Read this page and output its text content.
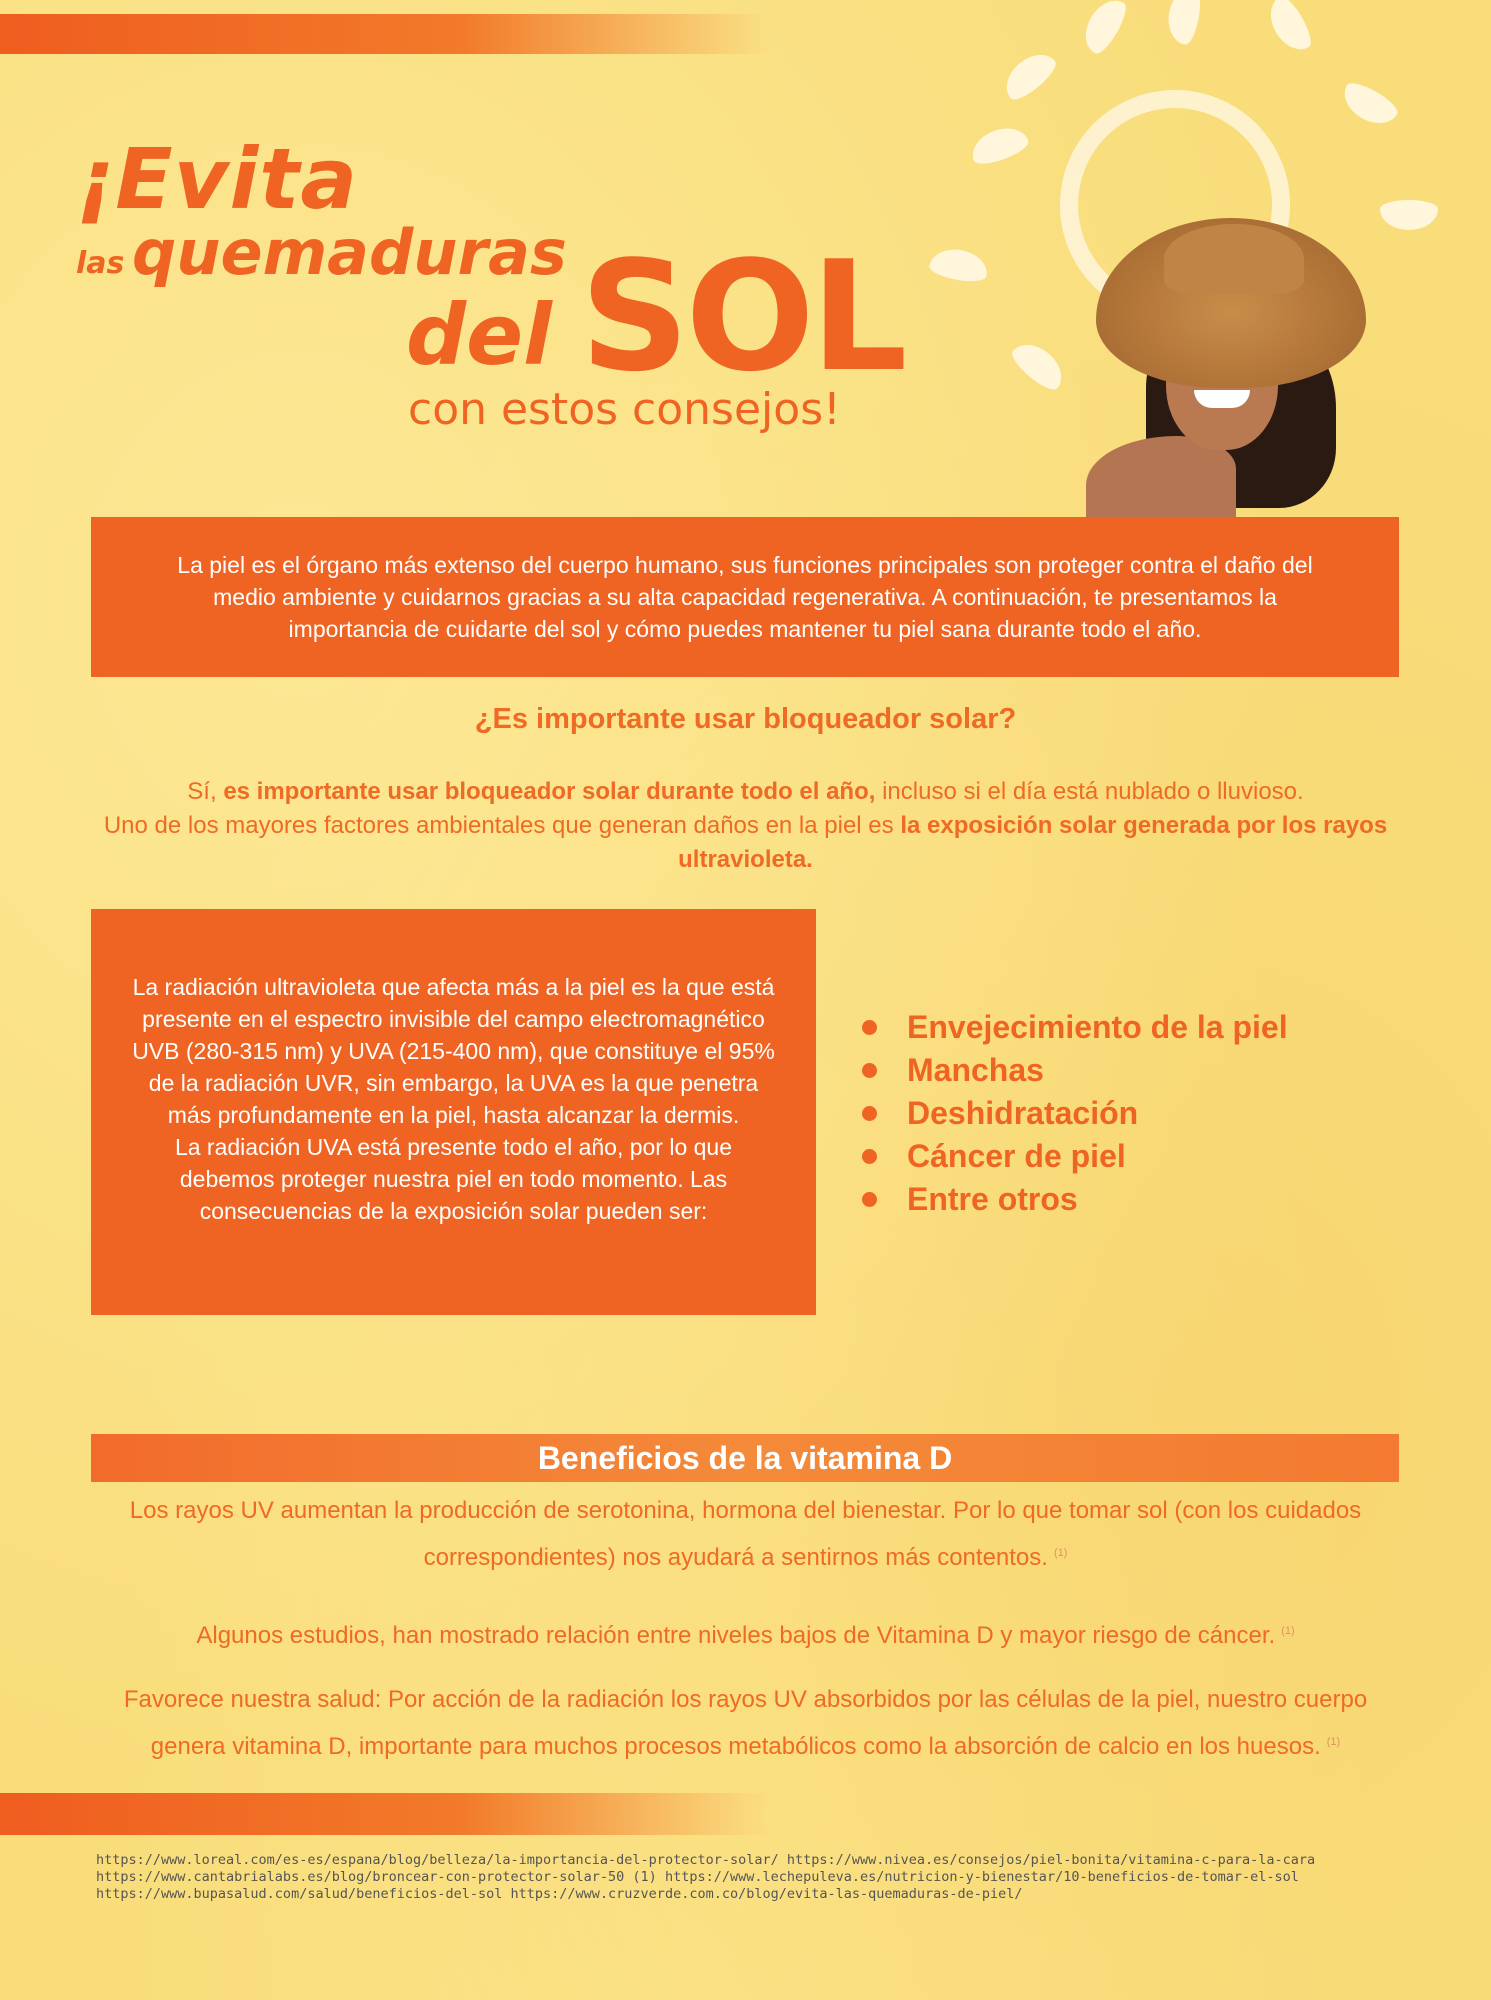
¡Evita
las quemaduras
del SOL
con estos consejos!

La piel es el órgano más extenso del cuerpo humano, sus funciones principales son proteger contra el daño del medio ambiente y cuidarnos gracias a su alta capacidad regenerativa. A continuación, te presentamos la importancia de cuidarte del sol y cómo puedes mantener tu piel sana durante todo el año.

¿Es importante usar bloqueador solar?
Sí, es importante usar bloqueador solar durante todo el año, incluso si el día está nublado o lluvioso.
Uno de los mayores factores ambientales que generan daños en la piel es la exposición solar generada por los rayos ultravioleta.

La radiación ultravioleta que afecta más a la piel es la que está presente en el espectro invisible del campo electromagnético UVB (280-315 nm) y UVA (215-400 nm), que constituye el 95% de la radiación UVR, sin embargo, la UVA es la que penetra más profundamente en la piel, hasta alcanzar la dermis.

La radiación UVA está presente todo el año, por lo que debemos proteger nuestra piel en todo momento. Las consecuencias de la exposición solar pueden ser:

Envejecimiento de la piel
Manchas
Deshidratación
Cáncer de piel
Entre otros
Beneficios de la vitamina D

Los rayos UV aumentan la producción de serotonina, hormona del bienestar. Por lo que tomar sol (con los cuidados correspondientes) nos ayudará a sentirnos más contentos. $^{(1)}$

Algunos estudios, han mostrado relación entre niveles bajos de Vitamina D y mayor riesgo de cáncer. $^{(1)}$

Favorece nuestra salud: Por acción de la radiación los rayos UV absorbidos por las células de la piel, nuestro cuerpo genera vitamina D, importante para muchos procesos metabólicos como la absorción de calcio en los huesos. $^{(1)}$

https://www.loreal.com/es-es/espana/blog/belleza/la-importancia-del-protector-solar/ https://www.nivea.es/consejos/piel-bonita/vitamina-c-para-la-cara
https://www.cantabrialabs.es/blog/broncear-con-protector-solar-50 (1) https://www.lechepuleva.es/nutricion-y-bienestar/10-beneficios-de-tomar-el-sol
https://www.bupasalud.com/salud/beneficios-del-sol https://www.cruzverde.com.co/blog/evita-las-quemaduras-de-piel/
